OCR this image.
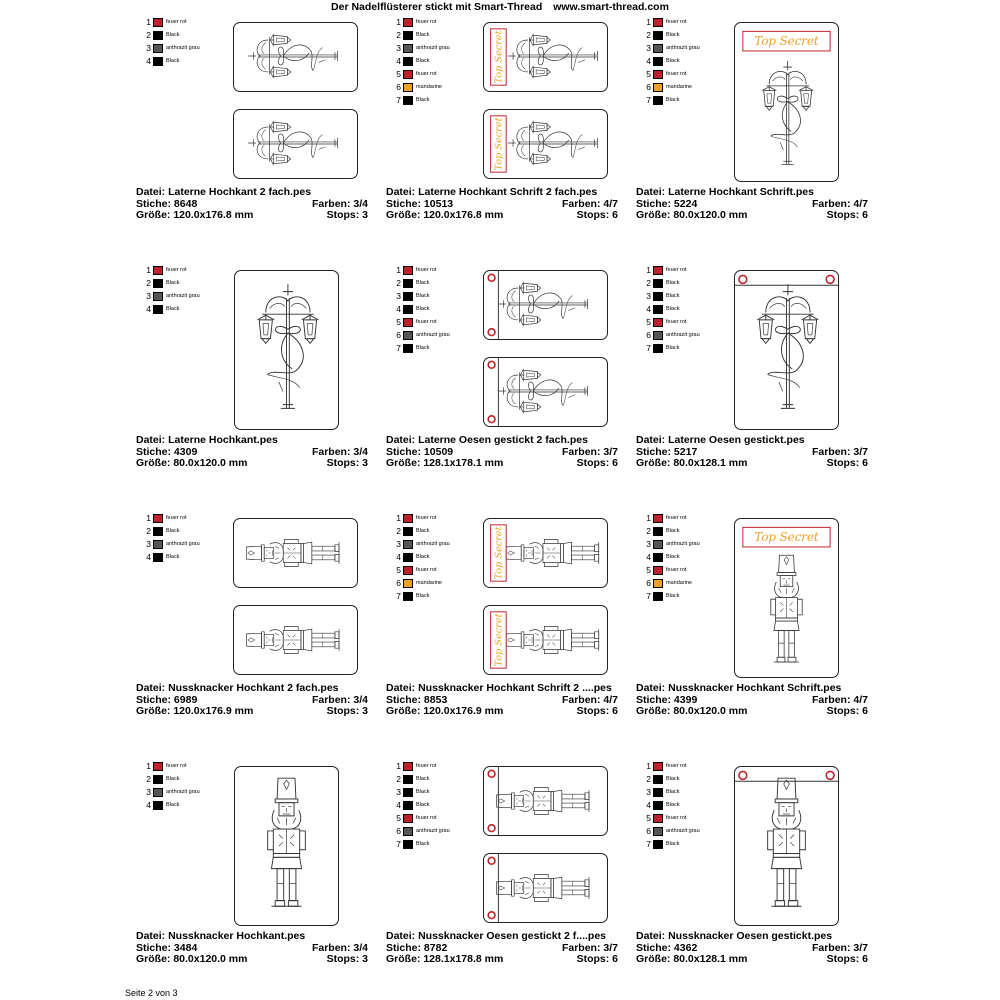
Der Nadelflüsterer stickt mit Smart-Thread www.smart-thread.com
1	feuer rot
2	Black
3	anthrazit grau
4	Black
Datei: Laterne Hochkant 2 fach.pes
Stiche: 8648	Farben: 3/4
Größe: 120.0x176.8 mm	Stops: 3
1	feuer rot
2	Black
3	anthrazit grau
4	Black
5	feuer rot
6	mandarine
7	Black
Top Secret
Top Secret
Datei: Laterne Hochkant Schrift 2 fach.pes
Stiche: 10513	Farben: 4/7
Größe: 120.0x176.8 mm	Stops: 6
1	feuer rot
2	Black
3	anthrazit grau
4	Black
5	feuer rot
6	mandarine
7	Black
Top Secret
Datei: Laterne Hochkant Schrift.pes
Stiche: 5224	Farben: 4/7
Größe: 80.0x120.0 mm	Stops: 6
1	feuer rot
2	Black
3	anthrazit grau
4	Black
Datei: Laterne Hochkant.pes
Stiche: 4309	Farben: 3/4
Größe: 80.0x120.0 mm	Stops: 3
1	feuer rot
2	Black
3	Black
4	Black
5	feuer rot
6	anthrazit grau
7	Black
Datei: Laterne Oesen gestickt 2 fach.pes
Stiche: 10509	Farben: 3/7
Größe: 128.1x178.1 mm	Stops: 6
1	feuer rot
2	Black
3	Black
4	Black
5	feuer rot
6	anthrazit grau
7	Black
Datei: Laterne Oesen gestickt.pes
Stiche: 5217	Farben: 3/7
Größe: 80.0x128.1 mm	Stops: 6
1	feuer rot
2	Black
3	anthrazit grau
4	Black
Datei: Nussknacker Hochkant 2 fach.pes
Stiche: 6989	Farben: 3/4
Größe: 120.0x176.9 mm	Stops: 3
1	feuer rot
2	Black
3	anthrazit grau
4	Black
5	feuer rot
6	mandarine
7	Black
Top Secret
Top Secret
Datei: Nussknacker Hochkant Schrift 2 ....pes
Stiche: 8853	Farben: 4/7
Größe: 120.0x176.9 mm	Stops: 6
1	feuer rot
2	Black
3	anthrazit grau
4	Black
5	feuer rot
6	mandarine
7	Black
Top Secret
Datei: Nussknacker Hochkant Schrift.pes
Stiche: 4399	Farben: 4/7
Größe: 80.0x120.0 mm	Stops: 6
1	feuer rot
2	Black
3	anthrazit grau
4	Black
Datei: Nussknacker Hochkant.pes
Stiche: 3484	Farben: 3/4
Größe: 80.0x120.0 mm	Stops: 3
1	feuer rot
2	Black
3	Black
4	Black
5	feuer rot
6	anthrazit grau
7	Black
Datei: Nussknacker Oesen gestickt 2 f....pes
Stiche: 8782	Farben: 3/7
Größe: 128.1x178.8 mm	Stops: 6
1	feuer rot
2	Black
3	Black
4	Black
5	feuer rot
6	anthrazit grau
7	Black
Datei: Nussknacker Oesen gestickt.pes
Stiche: 4362	Farben: 3/7
Größe: 80.0x128.1 mm	Stops: 6
Seite 2 von 3
